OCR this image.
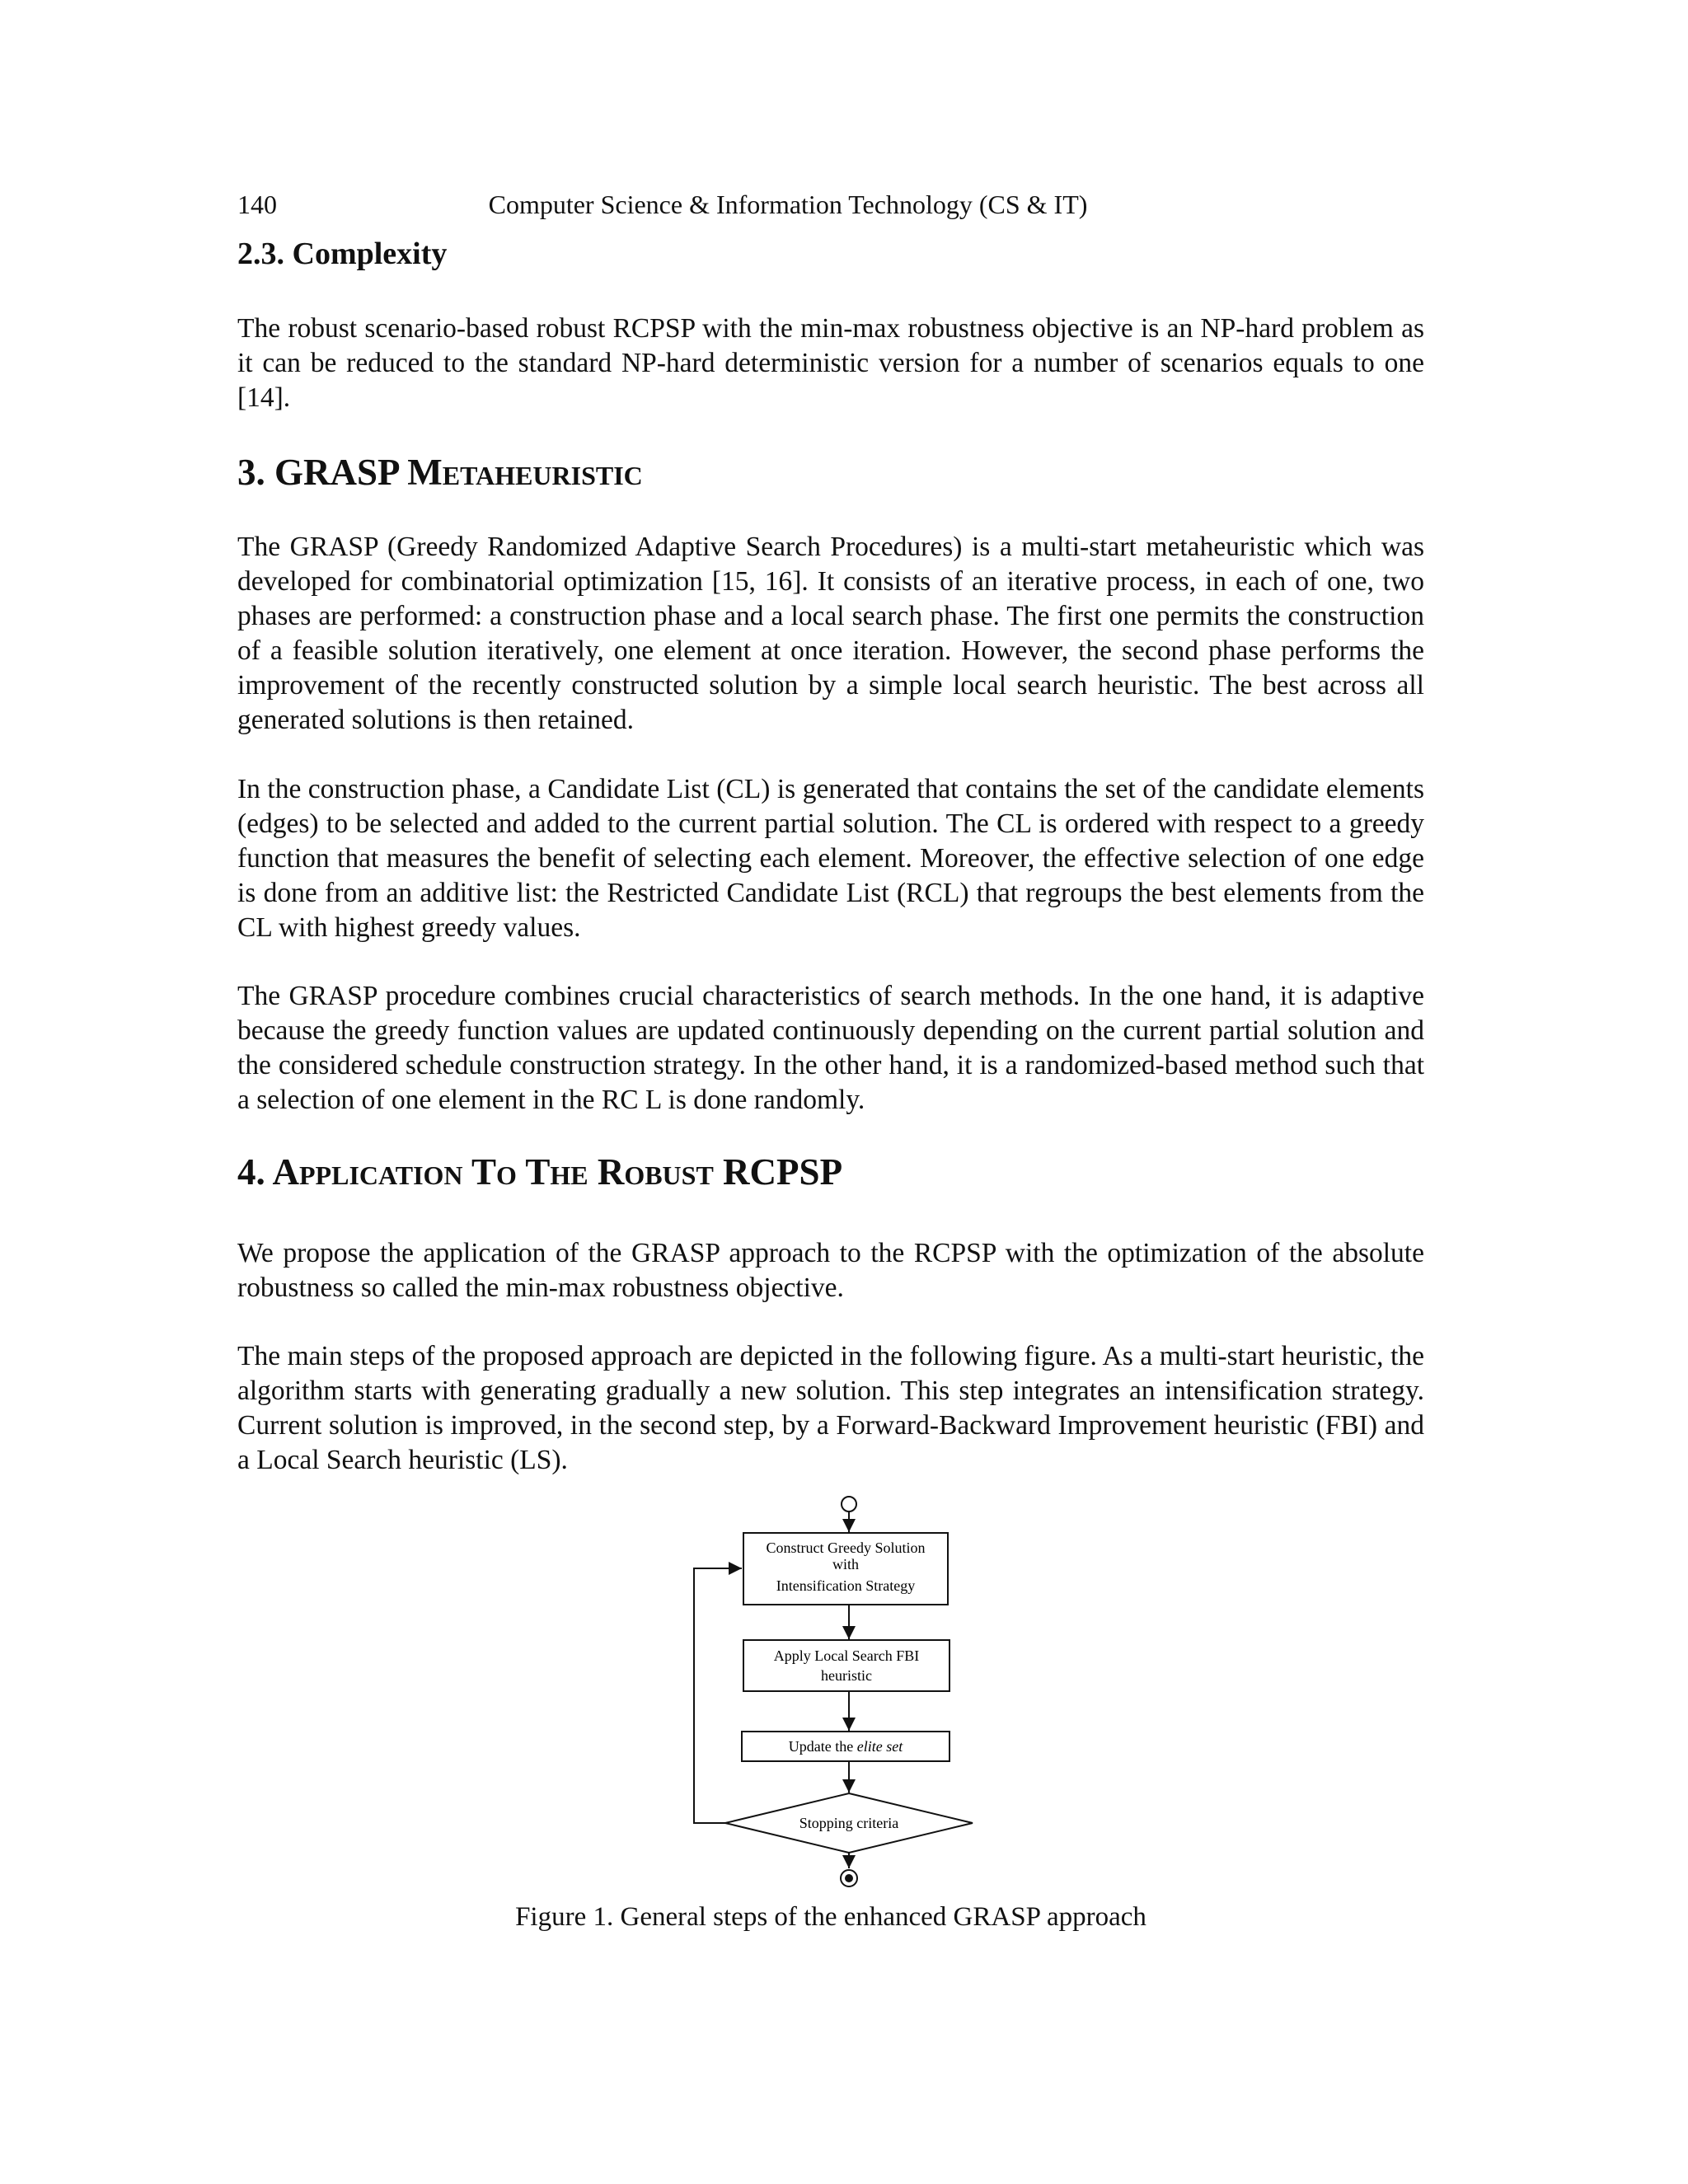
140	Computer Science & Information Technology (CS & IT)
2.3. Complexity

The robust scenario-based robust RCPSP with the min-max robustness objective is an NP-hard problem as it can be reduced to the standard NP-hard deterministic version for a number of scenarios equals to one [14].

3. GRASP Metaheuristic

The GRASP (Greedy Randomized Adaptive Search Procedures) is a multi-start metaheuristic which was developed for combinatorial optimization [15, 16]. It consists of an iterative process, in each of one, two phases are performed: a construction phase and a local search phase. The first one permits the construction of a feasible solution iteratively, one element at once iteration. However, the second phase performs the improvement of the recently constructed solution by a simple local search heuristic. The best across all generated solutions is then retained.

In the construction phase, a Candidate List (CL) is generated that contains the set of the candidate elements (edges) to be selected and added to the current partial solution. The CL is ordered with respect to a greedy function that measures the benefit of selecting each element. Moreover, the effective selection of one edge is done from an additive list: the Restricted Candidate List (RCL) that regroups the best elements from the CL with highest greedy values.

The GRASP procedure combines crucial characteristics of search methods. In the one hand, it is adaptive because the greedy function values are updated continuously depending on the current partial solution and the considered schedule construction strategy. In the other hand, it is a randomized-based method such that a selection of one element in the RC L is done randomly.

4. Application To The Robust RCPSP

We propose the application of the GRASP approach to the RCPSP with the optimization of the absolute robustness so called the min-max robustness objective.

The main steps of the proposed approach are depicted in the following figure. As a multi-start heuristic, the algorithm starts with generating gradually a new solution. This step integrates an intensification strategy. Current solution is improved, in the second step, by a Forward-Backward Improvement heuristic (FBI) and a Local Search heuristic (LS).

Construct Greedy Solution
with
Intensification Strategy
Apply Local Search FBI
heuristic
Update the elite set
Stopping criteria

Figure 1. General steps of the enhanced GRASP approach
